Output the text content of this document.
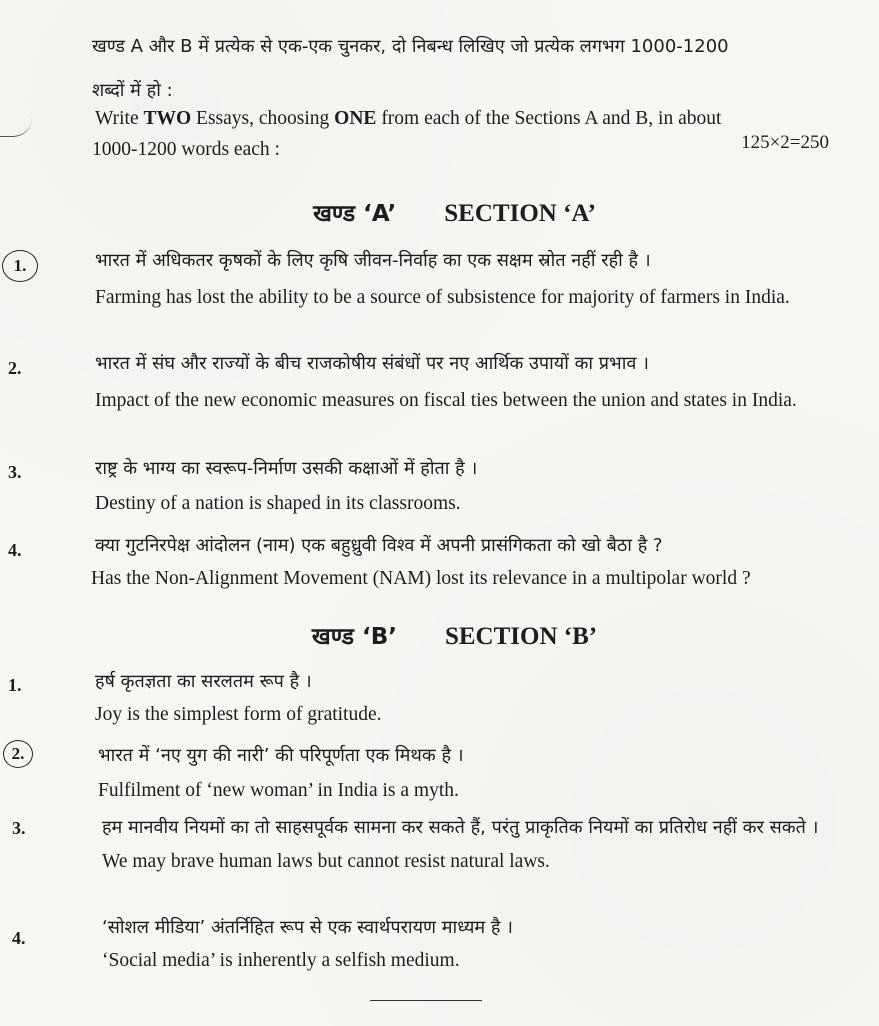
खण्ड A और B में प्रत्येक से एक-एक चुनकर, दो निबन्ध लिखिए जो प्रत्येक लगभग 1000-1200
शब्दों में हो :
Write TWO Essays, choosing ONE from each of the Sections A and B, in about
1000-1200 words each :	125×2=250
खण्ड ‘A’ SECTION ‘A’
1.	भारत में अधिकतर कृषकों के लिए कृषि जीवन-निर्वाह का एक सक्षम स्रोत नहीं रही है ।
Farming has lost the ability to be a source of subsistence for majority of farmers in India.
2.	भारत में संघ और राज्यों के बीच राजकोषीय संबंधों पर नए आर्थिक उपायों का प्रभाव ।
Impact of the new economic measures on fiscal ties between the union and states in India.
3.	राष्ट्र के भाग्य का स्वरूप-निर्माण उसकी कक्षाओं में होता है ।
Destiny of a nation is shaped in its classrooms.
4.	क्या गुटनिरपेक्ष आंदोलन (नाम) एक बहुध्रुवी विश्व में अपनी प्रासंगिकता को खो बैठा है ?
Has the Non-Alignment Movement (NAM) lost its relevance in a multipolar world ?
खण्ड ‘B’ SECTION ‘B’
1.	हर्ष कृतज्ञता का सरलतम रूप है ।
Joy is the simplest form of gratitude.
2.	भारत में ‘नए युग की नारी’ की परिपूर्णता एक मिथक है ।
Fulfilment of ‘new woman’ in India is a myth.
3.	हम मानवीय नियमों का तो साहसपूर्वक सामना कर सकते हैं, परंतु प्राकृतिक नियमों का प्रतिरोध नहीं कर सकते ।
We may brave human laws but cannot resist natural laws.
4.	‘सोशल मीडिया’ अंतर्निहित रूप से एक स्वार्थपरायण माध्यम है ।
‘Social media’ is inherently a selfish medium.
